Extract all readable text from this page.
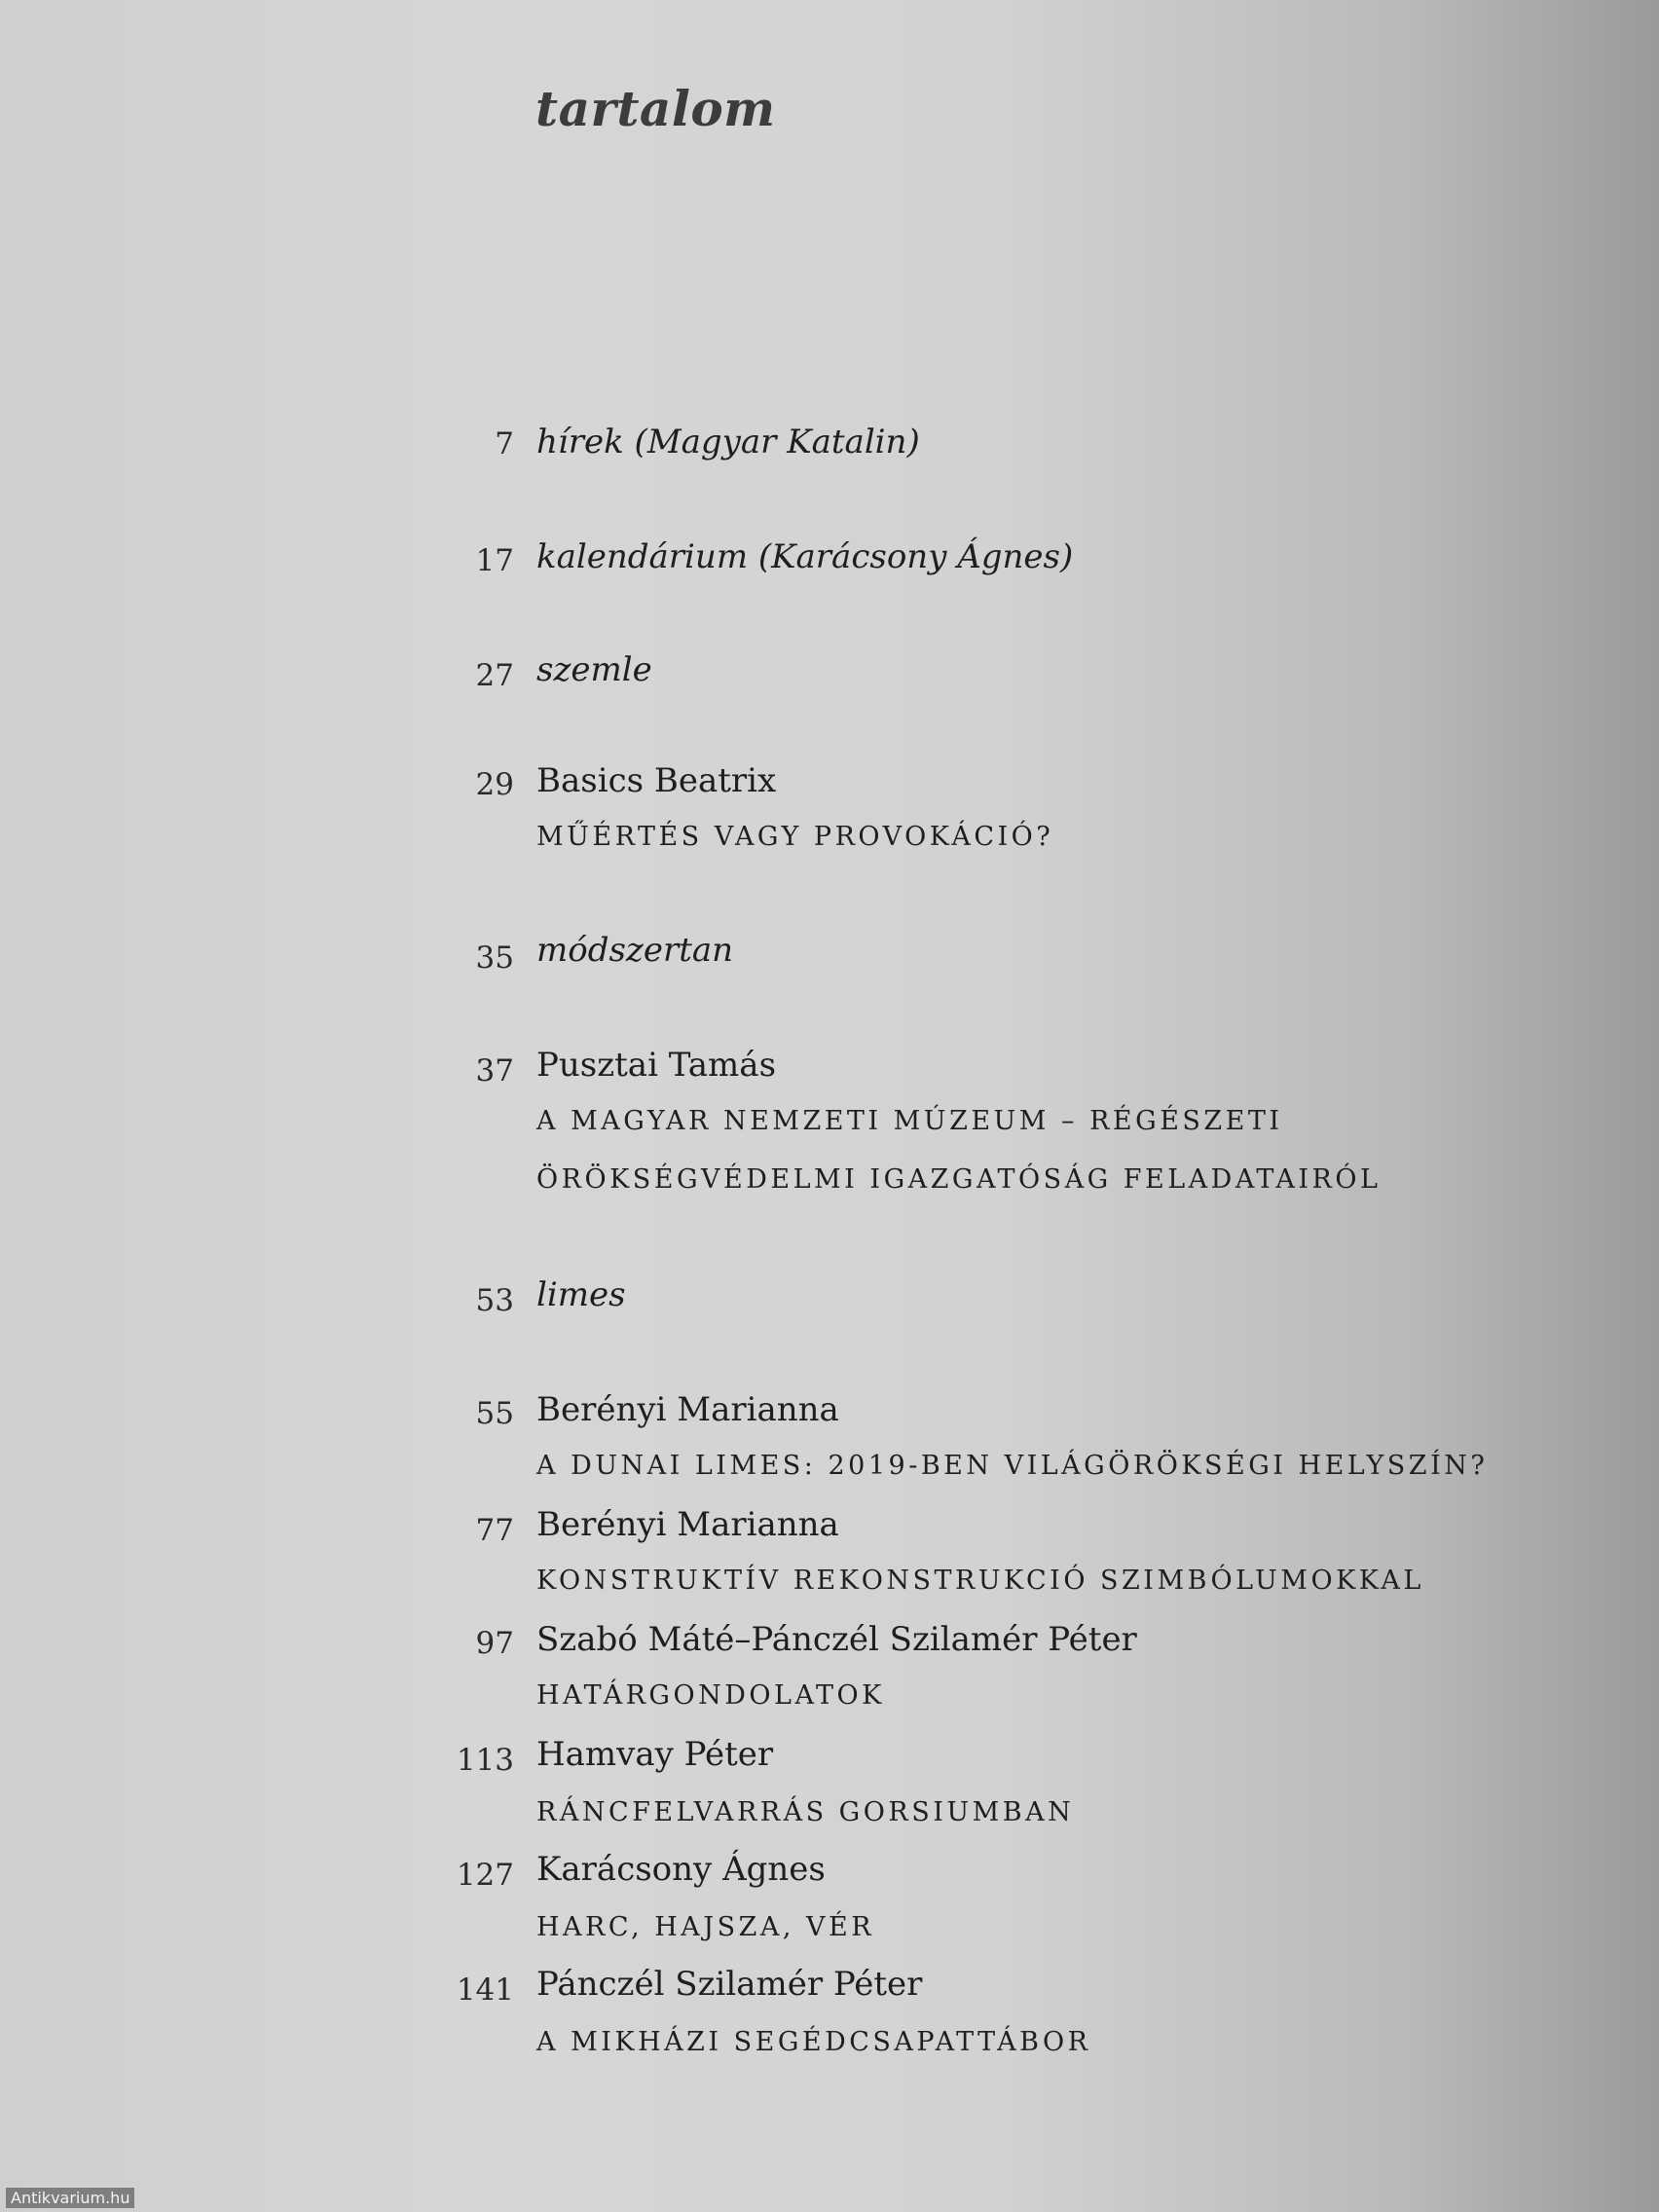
tartalom
7 hírek (Magyar Katalin)
17 kalendárium (Karácsony Ágnes)
27 szemle
29 Basics Beatrix
MŰÉRTÉS VAGY PROVOKÁCIÓ?
35 módszertan
37 Pusztai Tamás
A MAGYAR NEMZETI MÚZEUM – RÉGÉSZETI
ÖRÖKSÉGVÉDELMI IGAZGATÓSÁG FELADATAIRÓL
53 limes
55 Berényi Marianna
A DUNAI LIMES: 2019-BEN VILÁGÖRÖKSÉGI HELYSZÍN?
77 Berényi Marianna
KONSTRUKTÍV REKONSTRUKCIÓ SZIMBÓLUMOKKAL
97 Szabó Máté–Pánczél Szilamér Péter
HATÁRGONDOLATOK
113 Hamvay Péter
RÁNCFELVARRÁS GORSIUMBAN
127 Karácsony Ágnes
HARC, HAJSZA, VÉR
141 Pánczél Szilamér Péter
A MIKHÁZI SEGÉDCSAPATTÁBOR
Antikvarium.hu
